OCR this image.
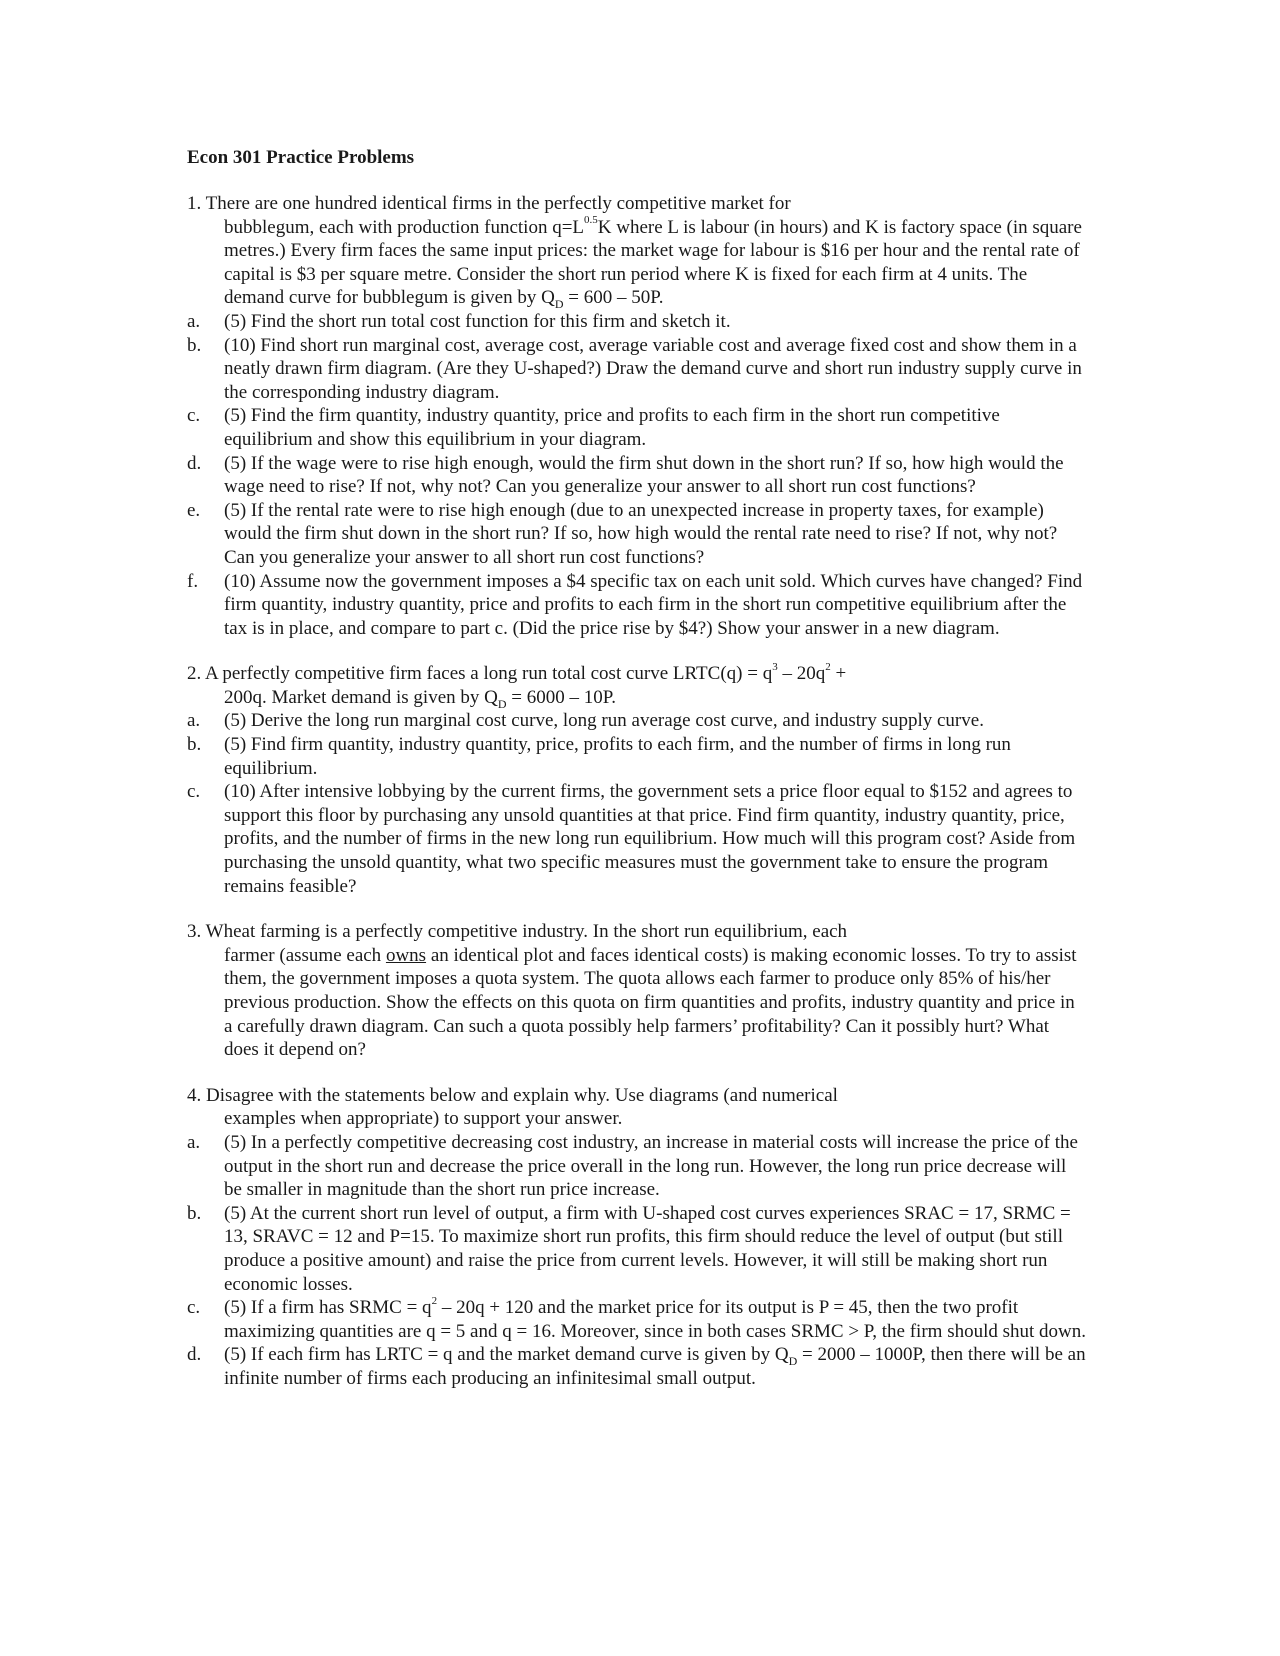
Econ 301 Practice Problems
1. There are one hundred identical firms in the perfectly competitive market for
bubblegum, each with production function $q=L^{0.5}K$ where L is labour (in hours) and K is factory space (in square metres.) Every firm faces the same input prices: the market wage for labour is $16 per hour and the rental rate of capital is $3 per square metre. Consider the short run period where K is fixed for each firm at 4 units. The demand curve for bubblegum is given by $Q_D = 600 - 50P$.
a.	(5) Find the short run total cost function for this firm and sketch it.
b.	(10) Find short run marginal cost, average cost, average variable cost and average fixed cost and show them in a neatly drawn firm diagram. (Are they U-shaped?) Draw the demand curve and short run industry supply curve in the corresponding industry diagram.
c.	(5) Find the firm quantity, industry quantity, price and profits to each firm in the short run competitive equilibrium and show this equilibrium in your diagram.
d.	(5) If the wage were to rise high enough, would the firm shut down in the short run? If so, how high would the wage need to rise? If not, why not? Can you generalize your answer to all short run cost functions?
e.	(5) If the rental rate were to rise high enough (due to an unexpected increase in property taxes, for example) would the firm shut down in the short run? If so, how high would the rental rate need to rise? If not, why not? Can you generalize your answer to all short run cost functions?
f.	(10) Assume now the government imposes a $4 specific tax on each unit sold. Which curves have changed? Find firm quantity, industry quantity, price and profits to each firm in the short run competitive equilibrium after the tax is in place, and compare to part c. (Did the price rise by $4?) Show your answer in a new diagram.
2. A perfectly competitive firm faces a long run total cost curve LRTC(q) = $q^3 - 20q^2$ +
200q. Market demand is given by $Q_D = 6000 - 10P$.
a.	(5) Derive the long run marginal cost curve, long run average cost curve, and industry supply curve.
b.	(5) Find firm quantity, industry quantity, price, profits to each firm, and the number of firms in long run equilibrium.
c.	(10) After intensive lobbying by the current firms, the government sets a price floor equal to $152 and agrees to support this floor by purchasing any unsold quantities at that price. Find firm quantity, industry quantity, price, profits, and the number of firms in the new long run equilibrium. How much will this program cost? Aside from purchasing the unsold quantity, what two specific measures must the government take to ensure the program remains feasible?
3. Wheat farming is a perfectly competitive industry. In the short run equilibrium, each
farmer (assume each owns an identical plot and faces identical costs) is making economic losses. To try to assist them, the government imposes a quota system. The quota allows each farmer to produce only 85% of his/her previous production. Show the effects on this quota on firm quantities and profits, industry quantity and price in a carefully drawn diagram. Can such a quota possibly help farmers’ profitability? Can it possibly hurt? What does it depend on?
4. Disagree with the statements below and explain why. Use diagrams (and numerical
examples when appropriate) to support your answer.
a.	(5) In a perfectly competitive decreasing cost industry, an increase in material costs will increase the price of the output in the short run and decrease the price overall in the long run. However, the long run price decrease will be smaller in magnitude than the short run price increase.
b.	(5) At the current short run level of output, a firm with U-shaped cost curves experiences SRAC = 17, SRMC = 13, SRAVC = 12 and P=15. To maximize short run profits, this firm should reduce the level of output (but still produce a positive amount) and raise the price from current levels. However, it will still be making short run economic losses.
c.	(5) If a firm has SRMC = $q^2 - 20q + 120$ and the market price for its output is P = 45, then the two profit maximizing quantities are q = 5 and q = 16. Moreover, since in both cases SRMC > P, the firm should shut down.
d.	(5) If each firm has LRTC = q and the market demand curve is given by $Q_D = 2000 - 1000P$, then there will be an infinite number of firms each producing an infinitesimal small output.
